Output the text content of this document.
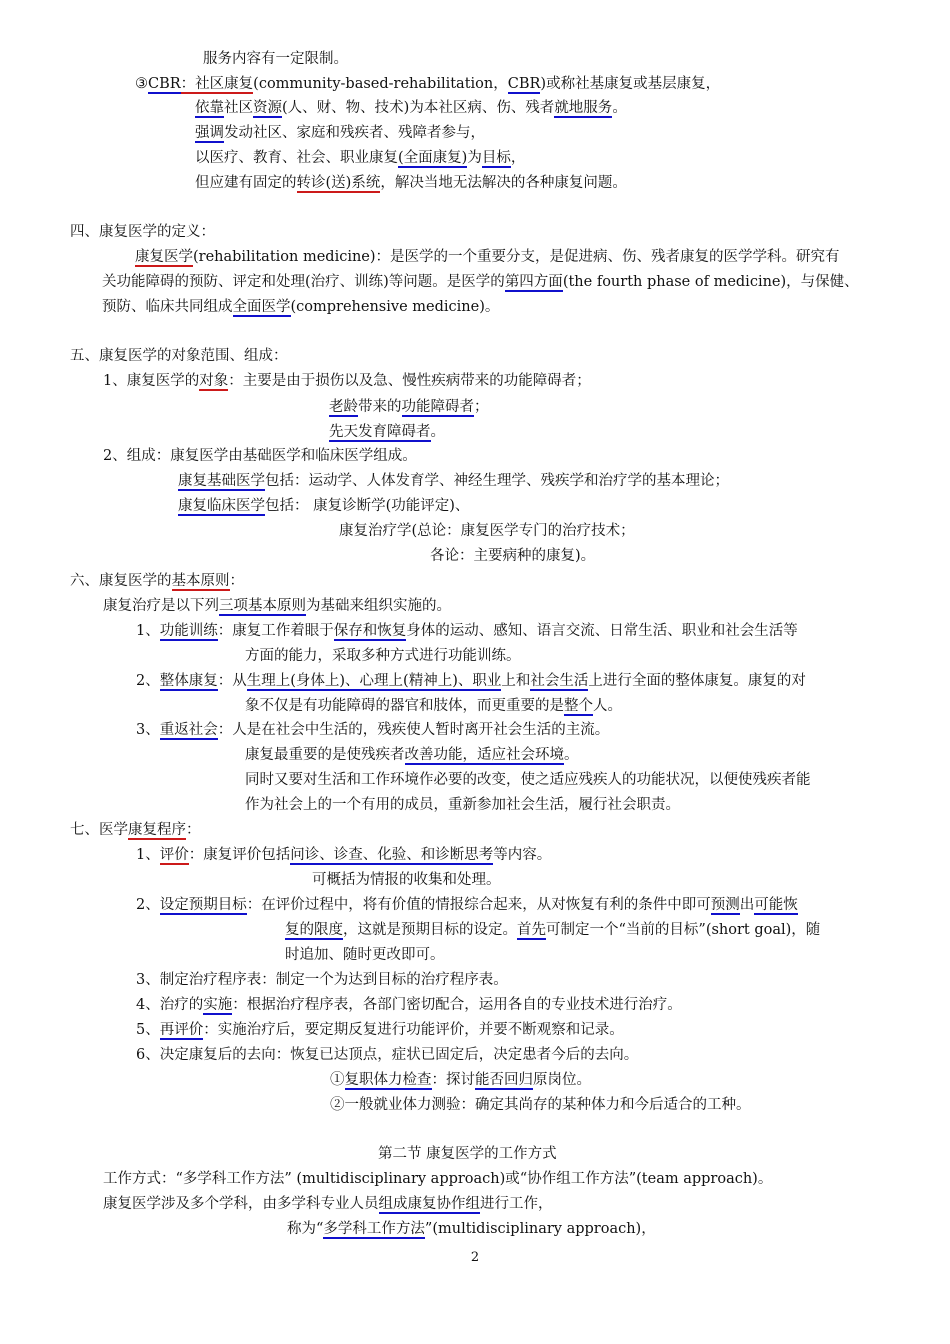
服务内容有一定限制。
③CBR：社区康复(community-based-rehabilitation，CBR)或称社基康复或基层康复，
依靠社区资源(人、财、物、技术)为本社区病、伤、残者就地服务。
强调发动社区、家庭和残疾者、残障者参与，
以医疗、教育、社会、职业康复(全面康复)为目标，
但应建有固定的转诊(送)系统，解决当地无法解决的各种康复问题。
四、康复医学的定义：
康复医学(rehabilitation medicine)：是医学的一个重要分支，是促进病、伤、残者康复的医学学科。研究有
关功能障碍的预防、评定和处理(治疗、训练)等问题。是医学的第四方面(the fourth phase of medicine)，与保健、
预防、临床共同组成全面医学(comprehensive medicine)。
五、康复医学的对象范围、组成：
1、康复医学的对象：主要是由于损伤以及急、慢性疾病带来的功能障碍者；
老龄带来的功能障碍者；
先天发育障碍者。
2、组成：康复医学由基础医学和临床医学组成。
康复基础医学包括：运动学、人体发育学、神经生理学、残疾学和治疗学的基本理论；
康复临床医学包括： 康复诊断学(功能评定)、
康复治疗学(总论：康复医学专门的治疗技术；
各论：主要病种的康复)。
六、康复医学的基本原则：
康复治疗是以下列三项基本原则为基础来组织实施的。
1、功能训练：康复工作着眼于保存和恢复身体的运动、感知、语言交流、日常生活、职业和社会生活等
方面的能力，采取多种方式进行功能训练。
2、整体康复：从生理上(身体上)、心理上(精神上)、职业上和社会生活上进行全面的整体康复。康复的对
象不仅是有功能障碍的器官和肢体，而更重要的是整个人。
3、重返社会：人是在社会中生活的，残疾使人暂时离开社会生活的主流。
康复最重要的是使残疾者改善功能，适应社会环境。
同时又要对生活和工作环境作必要的改变，使之适应残疾人的功能状况，以便使残疾者能
作为社会上的一个有用的成员，重新参加社会生活，履行社会职责。
七、医学康复程序：
1、评价：康复评价包括问诊、诊查、化验、和诊断思考等内容。
可概括为情报的收集和处理。
2、设定预期目标：在评价过程中，将有价值的情报综合起来，从对恢复有利的条件中即可预测出可能恢
复的限度，这就是预期目标的设定。首先可制定一个“当前的目标”(short goal)，随
时追加、随时更改即可。
3、制定治疗程序表：制定一个为达到目标的治疗程序表。
4、治疗的实施：根据治疗程序表，各部门密切配合，运用各自的专业技术进行治疗。
5、再评价：实施治疗后，要定期反复进行功能评价，并要不断观察和记录。
6、决定康复后的去向：恢复已达顶点，症状已固定后，决定患者今后的去向。
①复职体力检查：探讨能否回归原岗位。
②一般就业体力测验：确定其尚存的某种体力和今后适合的工种。
第二节 康复医学的工作方式
工作方式：“多学科工作方法” (multidisciplinary approach)或“协作组工作方法”(team approach)。
康复医学涉及多个学科，由多学科专业人员组成康复协作组进行工作，
称为“多学科工作方法”(multidisciplinary approach)，
2
